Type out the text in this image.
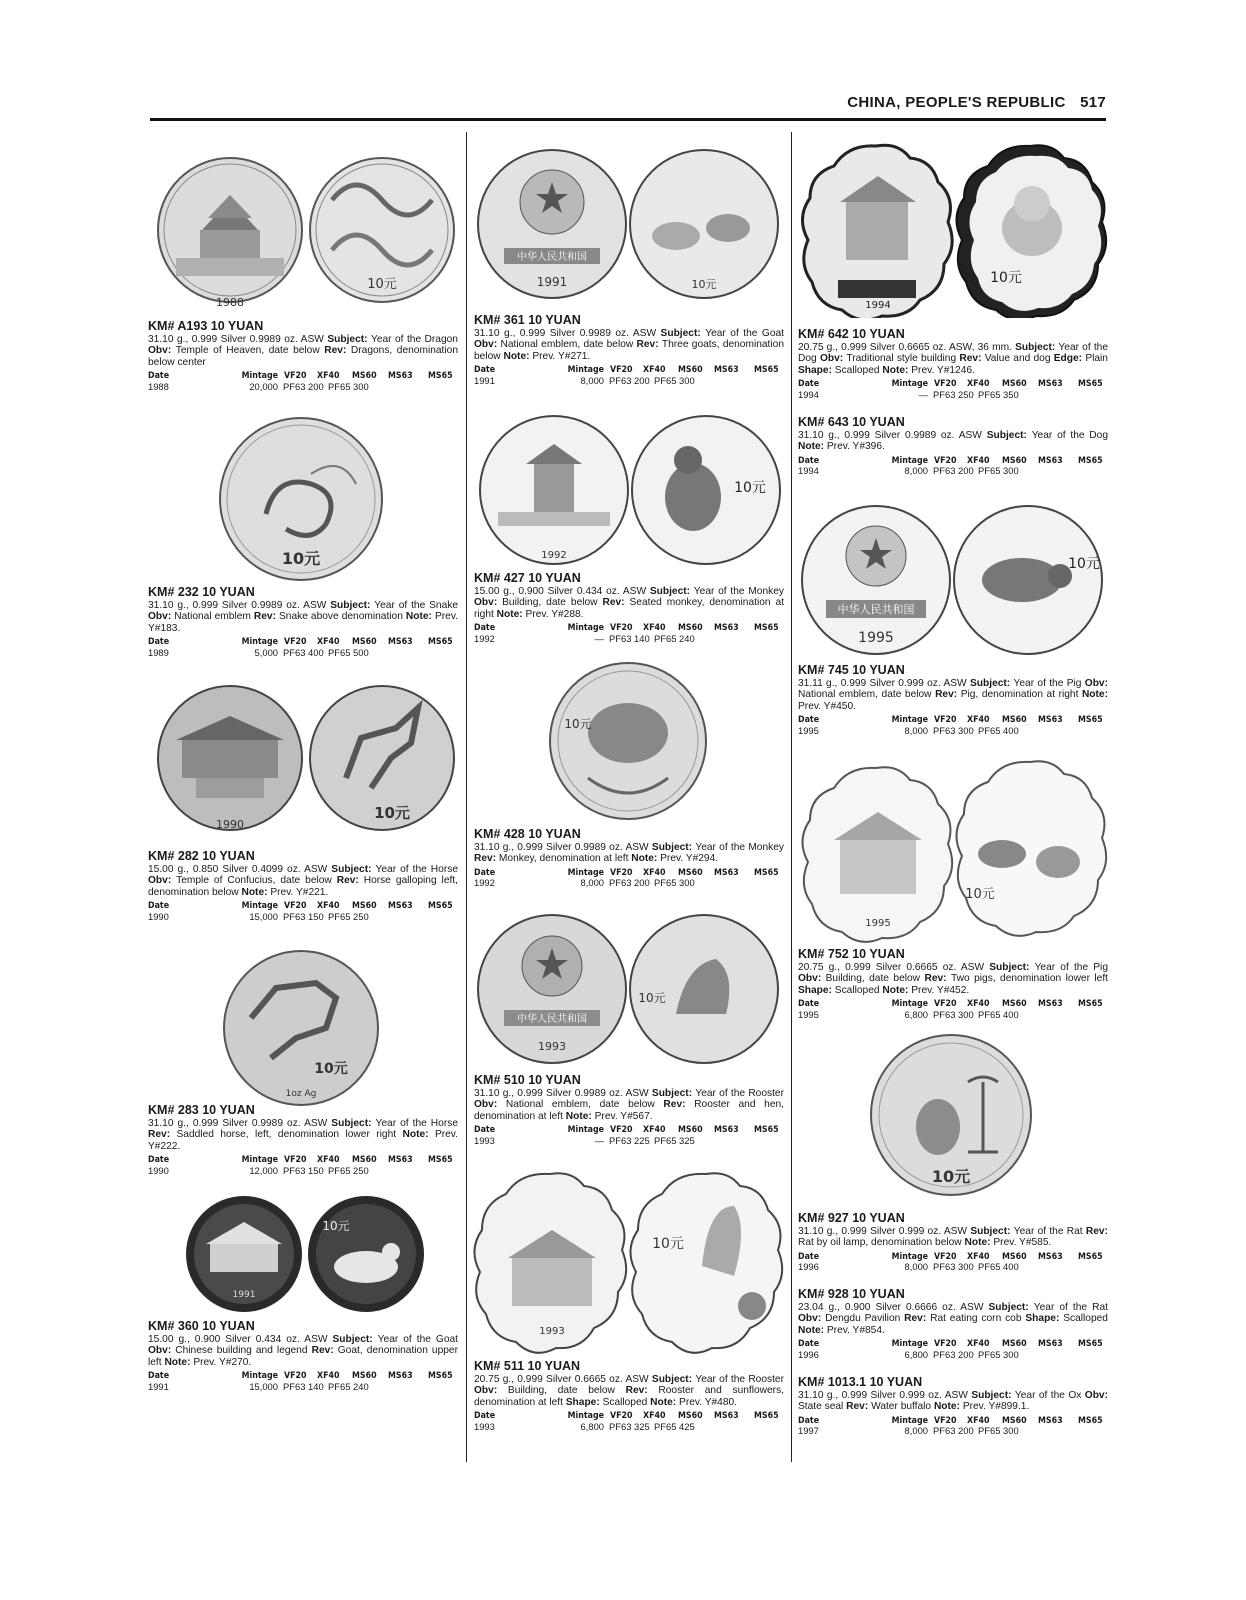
CHINA, PEOPLE'S REPUBLIC 517
1988
10元
KM# A193 10 YUAN
31.10 g., 0.999 Silver 0.9989 oz. ASW Subject: Year of the Dragon Obv: Temple of Heaven, date below Rev: Dragons, denomination below center
Date	Mintage VF20 XF40 MS60 MS63 MS65
1988	20,000 PF63 200 PF65 300
10元
KM# 232 10 YUAN
31.10 g., 0.999 Silver 0.9989 oz. ASW Subject: Year of the Snake Obv: National emblem Rev: Snake above denomination Note: Prev. Y#183.
Date	Mintage VF20 XF40 MS60 MS63 MS65
1989	5,000 PF63 400 PF65 500
1990
10元
KM# 282 10 YUAN
15.00 g., 0.850 Silver 0.4099 oz. ASW Subject: Year of the Horse Obv: Temple of Confucius, date below Rev: Horse galloping left, denomination below Note: Prev. Y#221.
Date	Mintage VF20 XF40 MS60 MS63 MS65
1990	15,000 PF63 150 PF65 250
10元
1oz Ag
KM# 283 10 YUAN
31.10 g., 0.999 Silver 0.9989 oz. ASW Subject: Year of the Horse Rev: Saddled horse, left, denomination lower right Note: Prev. Y#222.
Date	Mintage VF20 XF40 MS60 MS63 MS65
1990	12,000 PF63 150 PF65 250
1991
10元
KM# 360 10 YUAN
15.00 g., 0.900 Silver 0.434 oz. ASW Subject: Year of the Goat Obv: Chinese building and legend Rev: Goat, denomination upper left Note: Prev. Y#270.
Date	Mintage VF20 XF40 MS60 MS63 MS65
1991	15,000 PF63 140 PF65 240
中华人民共和国
1991	10元
KM# 361 10 YUAN
31.10 g., 0.999 Silver 0.9989 oz. ASW Subject: Year of the Goat Obv: National emblem, date below Rev: Three goats, denomination below Note: Prev. Y#271.
Date	Mintage VF20 XF40 MS60 MS63 MS65
1991	8,000 PF63 200 PF65 300
1992
10元
KM# 427 10 YUAN
15.00 g., 0.900 Silver 0.434 oz. ASW Subject: Year of the Monkey Obv: Building, date below Rev: Seated monkey, denomination at right Note: Prev. Y#288.
Date	Mintage VF20 XF40 MS60 MS63 MS65
1992	— PF63 140 PF65 240
10元
KM# 428 10 YUAN
31.10 g., 0.999 Silver 0.9989 oz. ASW Subject: Year of the Monkey Rev: Monkey, denomination at left Note: Prev. Y#294.
Date	Mintage VF20 XF40 MS60 MS63 MS65
1992	8,000 PF63 200 PF65 300
中华人民共和国
1993
10元
KM# 510 10 YUAN
31.10 g., 0.999 Silver 0.9989 oz. ASW Subject: Year of the Rooster Obv: National emblem, date below Rev: Rooster and hen, denomination at left Note: Prev. Y#567.
Date	Mintage VF20 XF40 MS60 MS63 MS65
1993	— PF63 225 PF65 325
1993
10元
KM# 511 10 YUAN
20.75 g., 0.999 Silver 0.6665 oz. ASW Subject: Year of the Rooster Obv: Building, date below Rev: Rooster and sunflowers, denomination at left Shape: Scalloped Note: Prev. Y#480.
Date	Mintage VF20 XF40 MS60 MS63 MS65
1993	6,800 PF63 325 PF65 425
1994
10元
KM# 642 10 YUAN
20.75 g., 0.999 Silver 0.6665 oz. ASW, 36 mm. Subject: Year of the Dog Obv: Traditional style building Rev: Value and dog Edge: Plain Shape: Scalloped Note: Prev. Y#1246.
Date	Mintage VF20 XF40 MS60 MS63 MS65
1994	— PF63 250 PF65 350
KM# 643 10 YUAN
31.10 g., 0.999 Silver 0.9989 oz. ASW Subject: Year of the Dog Note: Prev. Y#396.
Date	Mintage VF20 XF40 MS60 MS63 MS65
1994	8,000 PF63 200 PF65 300
中华人民共和国
1995
10元
KM# 745 10 YUAN
31.11 g., 0.999 Silver 0.999 oz. ASW Subject: Year of the Pig Obv: National emblem, date below Rev: Pig, denomination at right Note: Prev. Y#450.
Date	Mintage VF20 XF40 MS60 MS63 MS65
1995	8,000 PF63 300 PF65 400
1995
10元
KM# 752 10 YUAN
20.75 g., 0.999 Silver 0.6665 oz. ASW Subject: Year of the Pig Obv: Building, date below Rev: Two pigs, denomination lower left Shape: Scalloped Note: Prev. Y#452.
Date	Mintage VF20 XF40 MS60 MS63 MS65
1995	6,800 PF63 300 PF65 400
10元
KM# 927 10 YUAN
31.10 g., 0.999 Silver 0.999 oz. ASW Subject: Year of the Rat Rev: Rat by oil lamp, denomination below Note: Prev. Y#585.
Date	Mintage VF20 XF40 MS60 MS63 MS65
1996	8,000 PF63 300 PF65 400
KM# 928 10 YUAN
23.04 g., 0.900 Silver 0.6666 oz. ASW Subject: Year of the Rat Obv: Dengdu Pavilion Rev: Rat eating corn cob Shape: Scalloped Note: Prev. Y#854.
Date	Mintage VF20 XF40 MS60 MS63 MS65
1996	6,800 PF63 200 PF65 300
KM# 1013.1 10 YUAN
31.10 g., 0.999 Silver 0.999 oz. ASW Subject: Year of the Ox Obv: State seal Rev: Water buffalo Note: Prev. Y#899.1.
Date	Mintage VF20 XF40 MS60 MS63 MS65
1997	8,000 PF63 200 PF65 300
